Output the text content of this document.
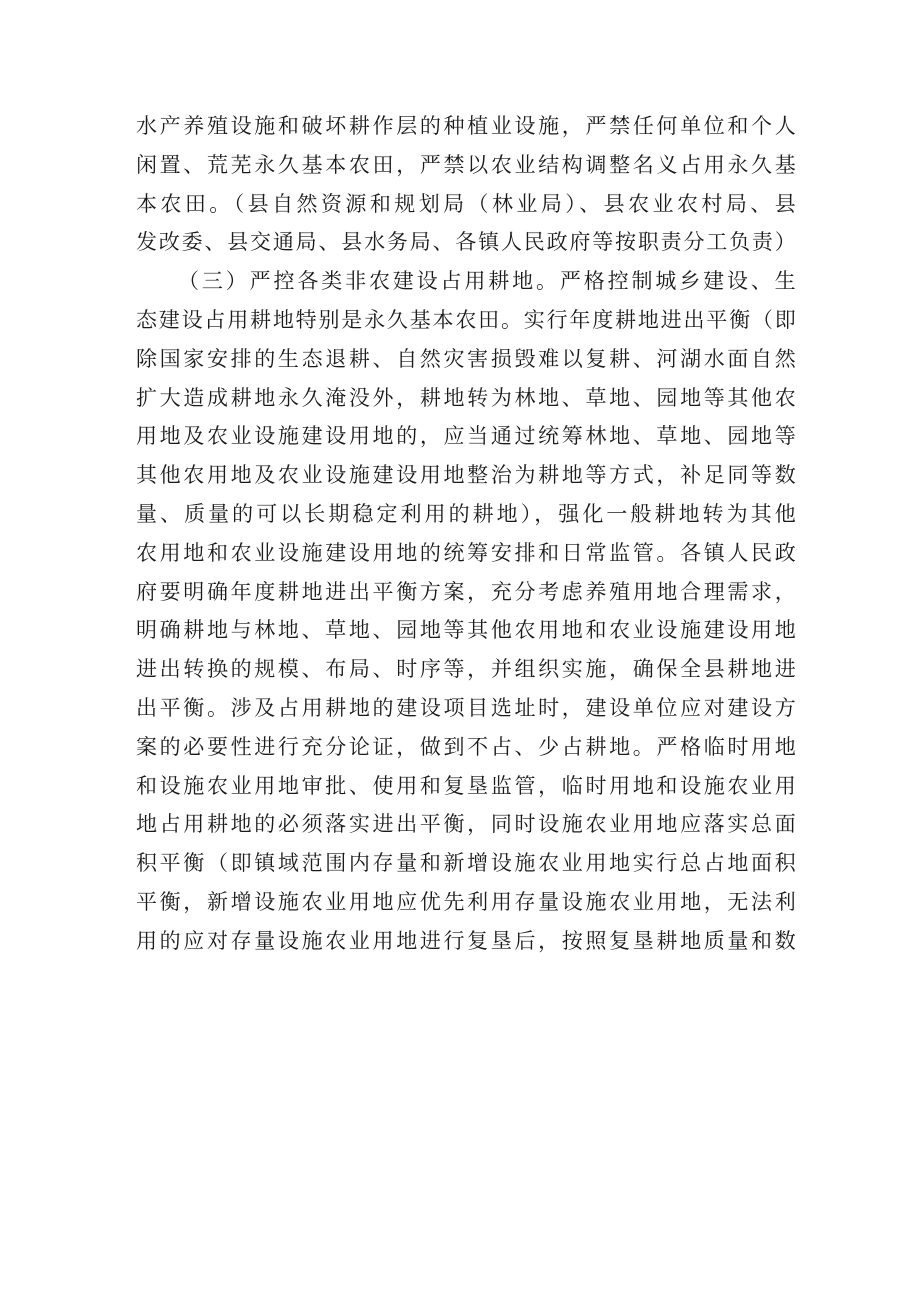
水产养殖设施和破坏耕作层的种植业设施，严禁任何单位和个人
闲置、荒芜永久基本农田，严禁以农业结构调整名义占用永久基
本农田。（县自然资源和规划局（林业局）、县农业农村局、县
发改委、县交通局、县水务局、各镇人民政府等按职责分工负责）
（三）严控各类非农建设占用耕地。严格控制城乡建设、生
态建设占用耕地特别是永久基本农田。实行年度耕地进出平衡（即
除国家安排的生态退耕、自然灾害损毁难以复耕、河湖水面自然
扩大造成耕地永久淹没外，耕地转为林地、草地、园地等其他农
用地及农业设施建设用地的，应当通过统筹林地、草地、园地等
其他农用地及农业设施建设用地整治为耕地等方式，补足同等数
量、质量的可以长期稳定利用的耕地），强化一般耕地转为其他
农用地和农业设施建设用地的统筹安排和日常监管。各镇人民政
府要明确年度耕地进出平衡方案，充分考虑养殖用地合理需求，
明确耕地与林地、草地、园地等其他农用地和农业设施建设用地
进出转换的规模、布局、时序等，并组织实施，确保全县耕地进
出平衡。涉及占用耕地的建设项目选址时，建设单位应对建设方
案的必要性进行充分论证，做到不占、少占耕地。严格临时用地
和设施农业用地审批、使用和复垦监管，临时用地和设施农业用
地占用耕地的必须落实进出平衡，同时设施农业用地应落实总面
积平衡（即镇域范围内存量和新增设施农业用地实行总占地面积
平衡，新增设施农业用地应优先利用存量设施农业用地，无法利
用的应对存量设施农业用地进行复垦后，按照复垦耕地质量和数
